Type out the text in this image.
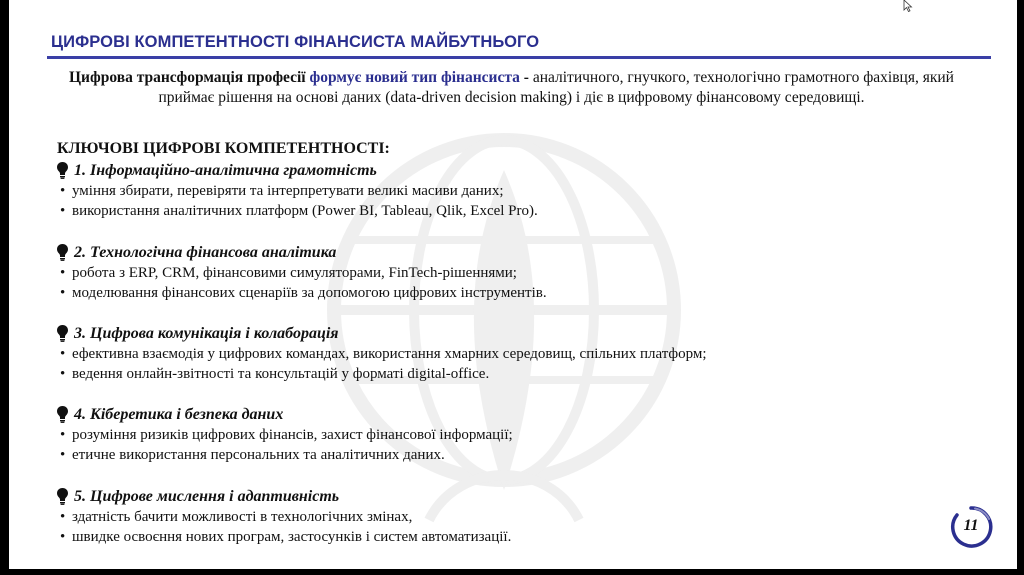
ЦИФРОВІ КОМПЕТЕНТНОСТІ ФІНАНСИСТА МАЙБУТНЬОГО
Цифрова трансформація професії формує новий тип фінансиста - аналітичного, гнучкого, технологічно грамотного фахівця, який приймає рішення на основі даних (data-driven decision making) і діє в цифровому фінансовому середовищі.
КЛЮЧОВІ ЦИФРОВІ КОМПЕТЕНТНОСТІ:
1. Інформаційно-аналітична грамотність
• уміння збирати, перевіряти та інтерпретувати великі масиви даних;
• використання аналітичних платформ (Power BI, Tableau, Qlik, Excel Pro).
2. Технологічна фінансова аналітика
• робота з ERP, CRM, фінансовими симуляторами, FinTech-рішеннями;
• моделювання фінансових сценаріїв за допомогою цифрових інструментів.
3. Цифрова комунікація і колаборація
• ефективна взаємодія у цифрових командах, використання хмарних середовищ, спільних платформ;
• ведення онлайн-звітності та консультацій у форматі digital-office.
4. Кіберетика і безпека даних
• розуміння ризиків цифрових фінансів, захист фінансової інформації;
• етичне використання персональних та аналітичних даних.
5. Цифрове мислення і адаптивність
• здатність бачити можливості в технологічних змінах,
• швидке освоєння нових програм, застосунків і систем автоматизації.
11
